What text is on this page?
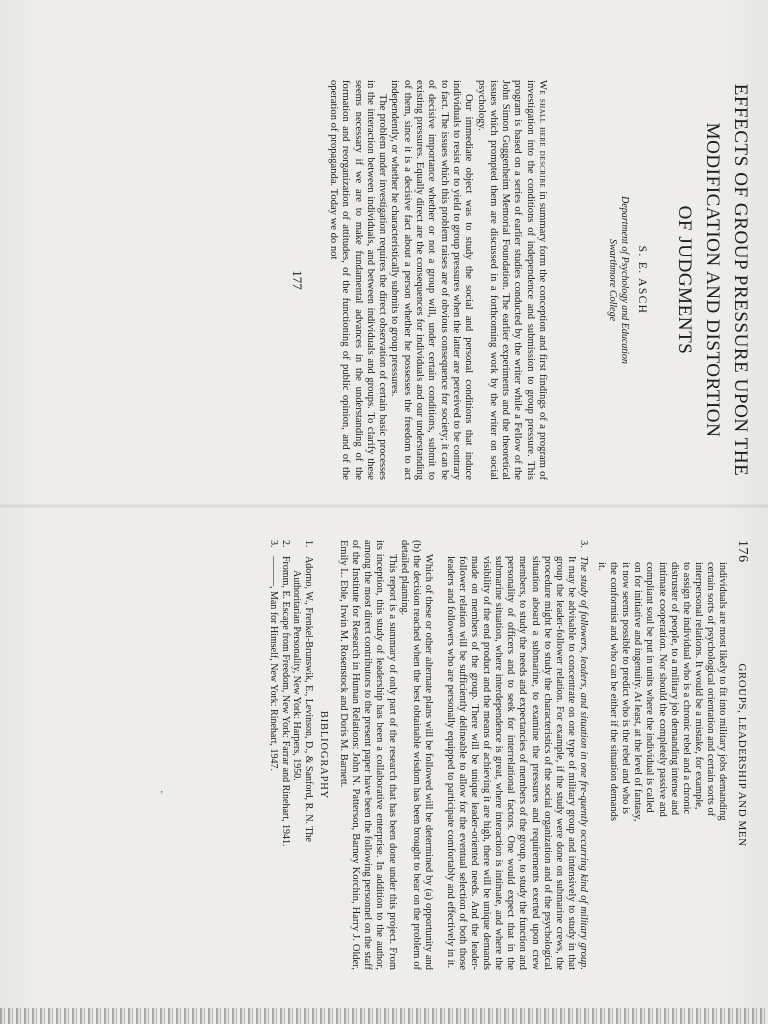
176
GROUPS, LEADERSHIP AND MEN

individuals are most likely to fit into military jobs demanding

certain sorts of psychological orientation and certain sorts of

interpersonal relations. It would be a mistake, for example,

to assign the individual who is a chronic rebel and a chronic

distruster of people, to a military job demanding intense and

intimate cooperation. Nor should the completely passive and

compliant soul be put in units where the individual is called

on for initiative and ingenuity. At least, at the level of fantasy,

it now seems possible to predict who is the rebel and who is

the conformist and who can be either if the situation demands

it.

3.

The study of followers, leaders, and situation in one fre-quently occurring kind of military group. It may be advisable to concentrate on one type of military group and intensively to study in that group the leader-follower relation. For example, if the study were done on submarine crews, the procedure might be to study the characteristics of the social organization and of the psychological situation aboard a submarine, to examine the pressures and requirements exerted upon crew members, to study the needs and expectancies of members of the group, to study the function and personality of officers and to seek for interrelational factors. One would expect that in the submarine situation, where interdependence is great, where interaction is intimate, and where the visibility of the end product and the means of achieving it are high, there will be unique demands made on members of the group. There will be unique leader-oriented needs. And the leader-follower relation will be sufficiently delineable to allow for the eventual selection of both those leaders and followers who are personally equipped to participate comfortably and effectively in it.

Which of these or other alternate plans will be followed will be determined by (a) opportunity and (b) the decision reached when the best obtainable wisdom has been brought to bear on the problem of detailed planning.

This report is a summary of only part of the research that has been done under this project. From its inception, this study of leadership has been a collaborative enterprise. In addition to the author, among the most direct contributors to the present paper have been the following personnel on the staff of the Institute for Research in Human Relations: John N. Patterson, Barney Korchin, Harry J. Older, Emily L. Eble, Irwin M. Rosenstock and Doris M. Barnett.

BIBLIOGRAPHY
1.

Adorno, W., Frenkel-Brunswik, E., Levinson, D., & Sanford, R. N. The

Authoritarian Personality, New York: Harpers, 1950.

2.

Fromm, E. Escape from Freedom, New York: Farrar and Rinehart, 1941.

3.

———, Man for Himself, New York: Rinehart, 1947.

EFFECTS OF GROUP PRESSURE UPON THE
MODIFICATION AND DISTORTION
OF JUDGMENTS
S. E. ASCH
Department of Psychology and Education
Swarthmore College

We shall here describe in summary form the conception and first findings of a program of investigation into the conditions of independence and submission to group pressure. This program is based on a series of earlier studies conducted by the writer while a Fellow of the John Simon Guggenheim Memorial Foundation. The earlier experiments and the theoretical issues which prompted them are discussed in a forthcoming work by the writer on social psychology.

Our immediate object was to study the social and personal conditions that induce individuals to resist or to yield to group pressures when the latter are perceived to be contrary to fact. The issues which this problem raises are of obvious consequence for society; it can be of decisive importance whether or not a group will, under certain conditions, submit to existing pressures. Equally direct are the consequences for individuals and our understanding of them, since it is a decisive fact about a person whether he possesses the freedom to act independently, or whether he characteristically submits to group pressures.

The problem under investigation requires the direct observation of certain basic processes in the interaction between individuals, and between individuals and groups. To clarify these seems necessary if we are to make fundamental advances in the understanding of the formation and reorganization of attitudes, of the functioning of public opinion, and of the operation of propaganda. Today we do not

177
ʼ
